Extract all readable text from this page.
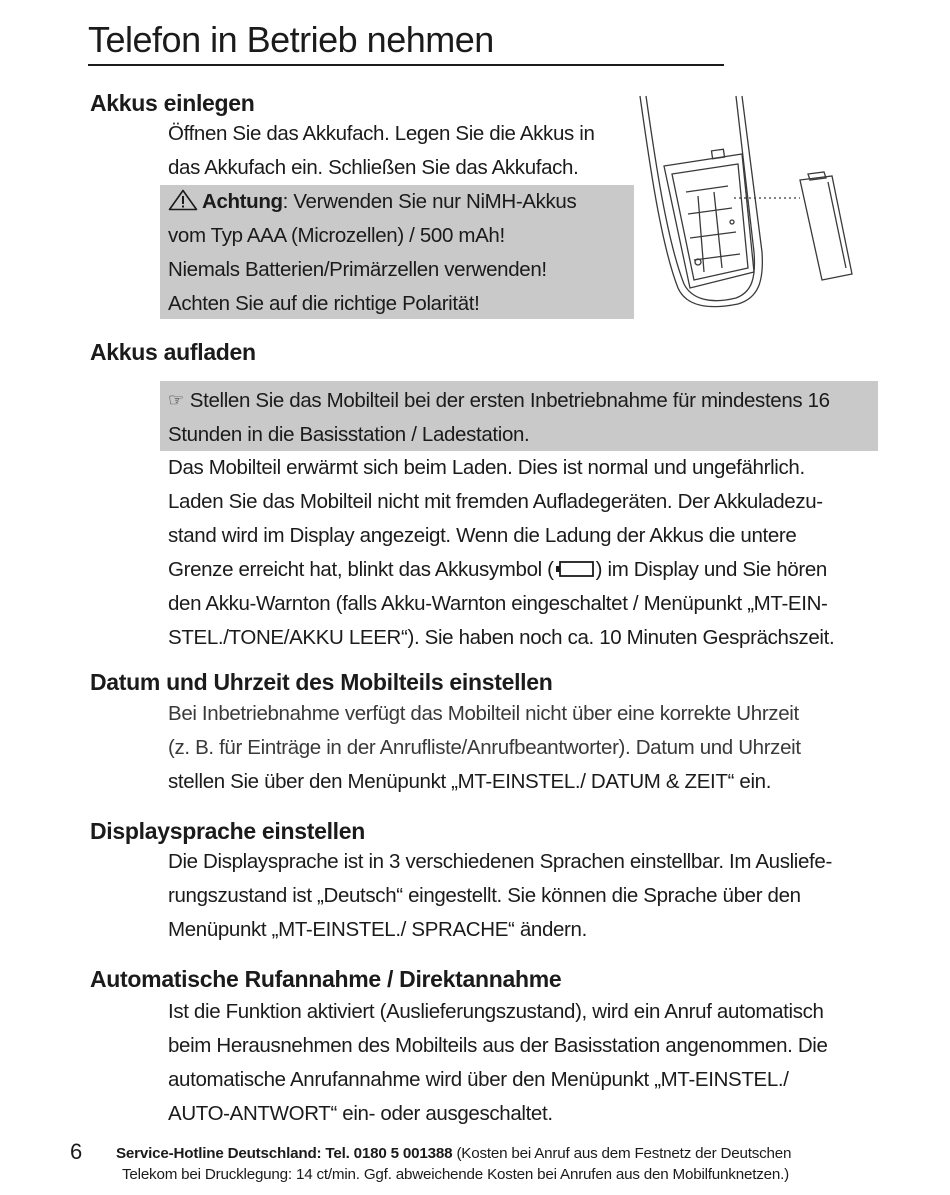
Telefon in Betrieb nehmen
Akkus einlegen
Öffnen Sie das Akkufach. Legen Sie die Akkus in
das Akkufach ein. Schließen Sie das Akkufach.
Achtung: Verwenden Sie nur NiMH-Akkus
vom Typ AAA (Microzellen) / 500 mAh!
Niemals Batterien/Primärzellen verwenden!
Achten Sie auf die richtige Polarität!
Akkus aufladen
☞ Stellen Sie das Mobilteil bei der ersten Inbetriebnahme für mindestens 16
Stunden in die Basisstation / Ladestation.
Das Mobilteil erwärmt sich beim Laden. Dies ist normal und ungefährlich.
Laden Sie das Mobilteil nicht mit fremden Aufladegeräten. Der Akkuladezu-
stand wird im Display angezeigt. Wenn die Ladung der Akkus die untere
Grenze erreicht hat, blinkt das Akkusymbol ( ) im Display und Sie hören
den Akku-Warnton (falls Akku-Warnton eingeschaltet / Menüpunkt „MT-EIN-
STEL./TONE/AKKU LEER“). Sie haben noch ca. 10 Minuten Gesprächszeit.
Datum und Uhrzeit des Mobilteils einstellen
Bei Inbetriebnahme verfügt das Mobilteil nicht über eine korrekte Uhrzeit
(z. B. für Einträge in der Anrufliste/Anrufbeantworter). Datum und Uhrzeit
stellen Sie über den Menüpunkt „MT-EINSTEL./ DATUM & ZEIT“ ein.
Displaysprache einstellen
Die Displaysprache ist in 3 verschiedenen Sprachen einstellbar. Im Ausliefe-
rungszustand ist „Deutsch“ eingestellt. Sie können die Sprache über den
Menüpunkt „MT-EINSTEL./ SPRACHE“ ändern.
Automatische Rufannahme / Direktannahme
Ist die Funktion aktiviert (Auslieferungszustand), wird ein Anruf automatisch
beim Herausnehmen des Mobilteils aus der Basisstation angenommen. Die
automatische Anrufannahme wird über den Menüpunkt „MT-EINSTEL./
AUTO-ANTWORT“ ein- oder ausgeschaltet.
6 Service-Hotline Deutschland: Tel. 0180 5 001388 (Kosten bei Anruf aus dem Festnetz der Deutschen
Telekom bei Drucklegung: 14 ct/min. Ggf. abweichende Kosten bei Anrufen aus den Mobilfunknetzen.)
